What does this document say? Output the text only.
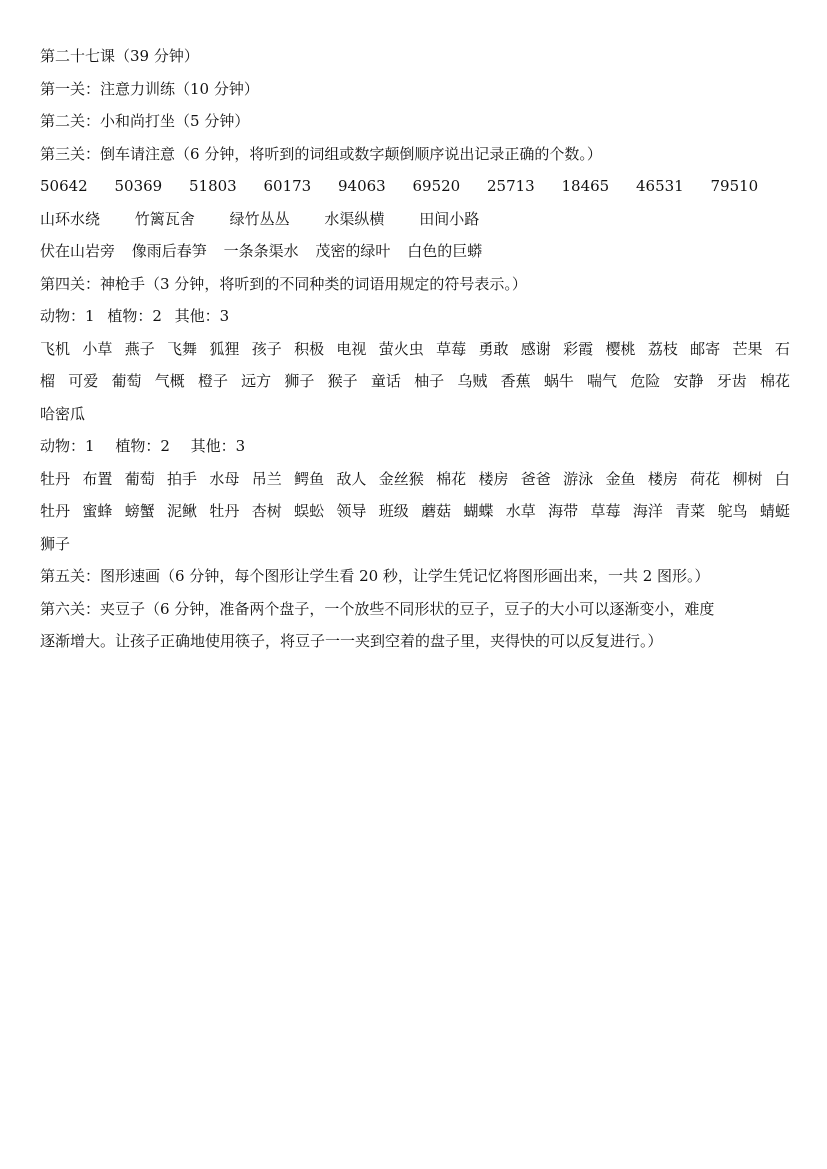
第二十七课（39 分钟）
第一关：注意力训练（10 分钟）
第二关：小和尚打坐（5 分钟）
第三关：倒车请注意（6 分钟，将听到的词组或数字颠倒顺序说出记录正确的个数。）
50642	50369	51803	60173	94063	69520	25713	18465	46531	79510
山环水绕 竹篱瓦舍 绿竹丛丛 水渠纵横 田间小路
伏在山岩旁 像雨后春笋 一条条渠水 茂密的绿叶 白色的巨蟒
第四关：神枪手（3 分钟，将听到的不同种类的词语用规定的符号表示。）
动物：1 植物：2 其他：3
飞机 小草 燕子 飞舞 狐狸 孩子 积极 电视 萤火虫 草莓 勇敢 感谢 彩霞 樱桃 荔枝 邮寄 芒果 石
榴 可爱 葡萄 气概 橙子 远方 狮子 猴子 童话 柚子 乌贼 香蕉 蜗牛 喘气 危险 安静 牙齿 棉花
哈密瓜
动物：1 植物：2 其他：3
牡丹 布置 葡萄 拍手 水母 吊兰 鳄鱼 敌人 金丝猴 棉花 楼房 爸爸 游泳 金鱼 楼房 荷花 柳树 白
牡丹 蜜蜂 螃蟹 泥鳅 牡丹 杏树 蜈蚣 领导 班级 蘑菇 蝴蝶 水草 海带 草莓 海洋 青菜 鸵鸟 蜻蜓
狮子
第五关：图形速画（6 分钟，每个图形让学生看 20 秒，让学生凭记忆将图形画出来，一共 2 图形。）
第六关：夹豆子（6 分钟，准备两个盘子，一个放些不同形状的豆子，豆子的大小可以逐渐变小，难度
逐渐增大。让孩子正确地使用筷子，将豆子一一夹到空着的盘子里，夹得快的可以反复进行。）
